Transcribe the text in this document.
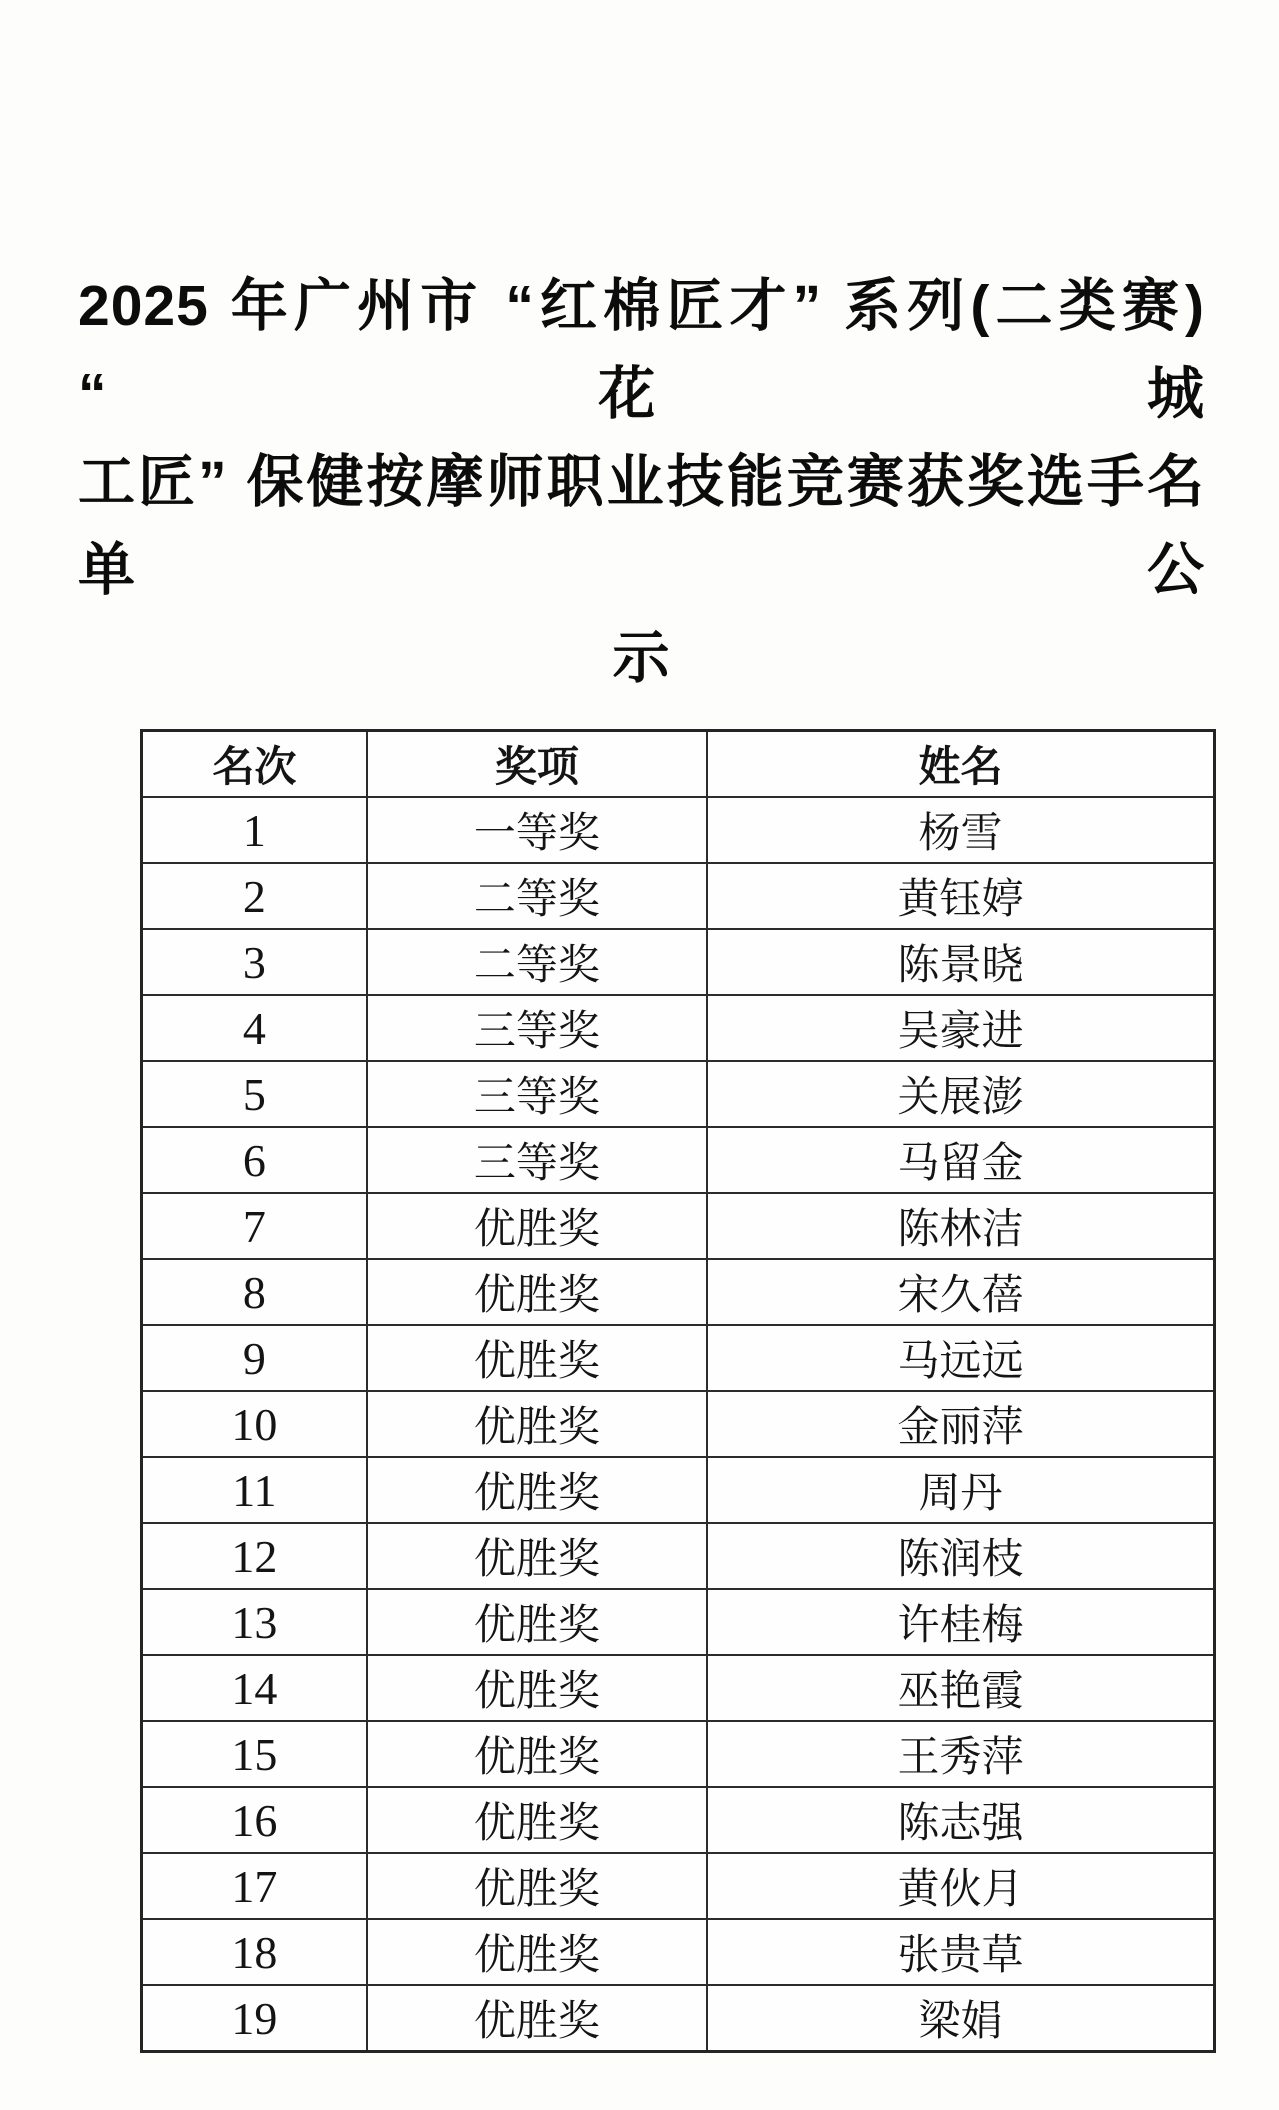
2025 年广州市 “红棉匠才” 系列(二类赛) “花城
工匠” 保健按摩师职业技能竞赛获奖选手名单公
示
名次	奖项	姓名
1	一等奖	杨雪
2	二等奖	黄钰婷
3	二等奖	陈景晓
4	三等奖	吴豪进
5	三等奖	关展澎
6	三等奖	马留金
7	优胜奖	陈林洁
8	优胜奖	宋久蓓
9	优胜奖	马远远
10	优胜奖	金丽萍
11	优胜奖	周丹
12	优胜奖	陈润枝
13	优胜奖	许桂梅
14	优胜奖	巫艳霞
15	优胜奖	王秀萍
16	优胜奖	陈志强
17	优胜奖	黄伙月
18	优胜奖	张贵草
19	优胜奖	梁娟
